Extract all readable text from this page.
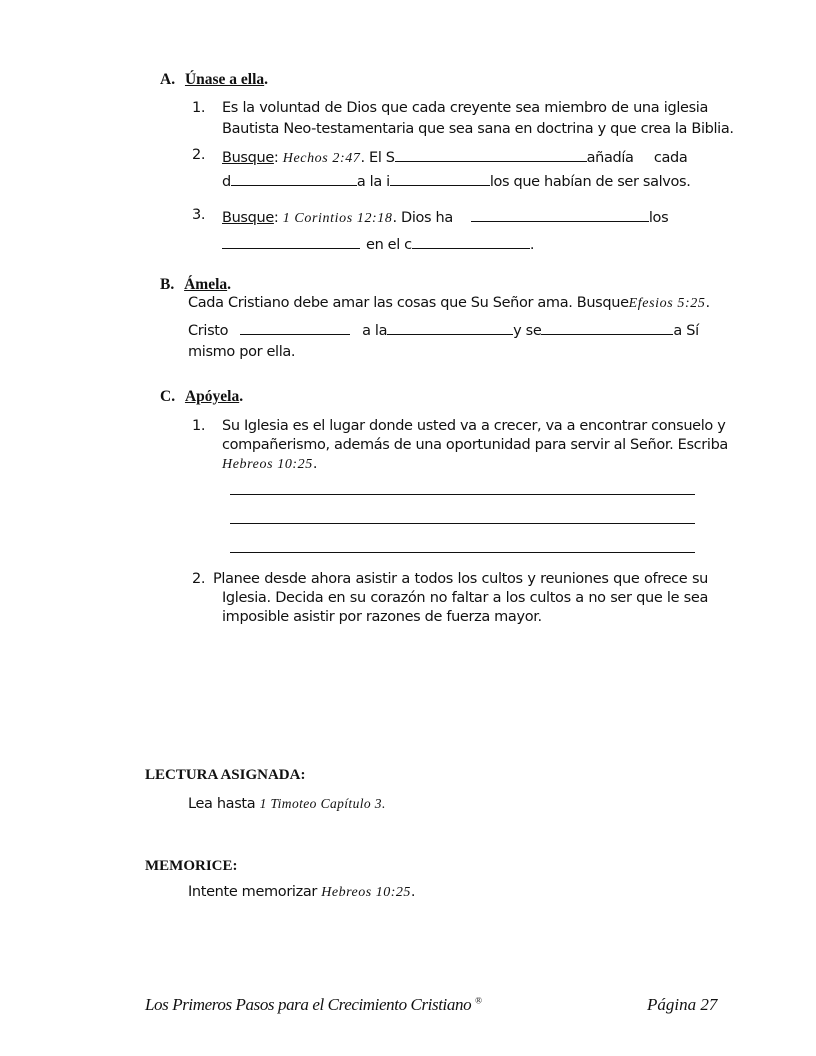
A. Únase a ella.
1. Es la voluntad de Dios que cada creyente sea miembro de una iglesia
Bautista Neo-testamentaria que sea sana en doctrina y que crea la Biblia.
2. Busque: Hechos 2:47. El S	añadía cada
d	a la i	los que habían de ser salvos.
3. Busque: 1 Corintios 12:18. Dios ha	los
en el c	.
B. Ámela.
Cada Cristiano debe amar las cosas que Su Señor ama. BusqueEfesios 5:25.
Cristo	a la	y se	a Sí
mismo por ella.
C. Apóyela.
1. Su Iglesia es el lugar donde usted va a crecer, va a encontrar consuelo y
compañerismo, además de una oportunidad para servir al Señor. Escriba
Hebreos 10:25.
2. Planee desde ahora asistir a todos los cultos y reuniones que ofrece su
Iglesia. Decida en su corazón no faltar a los cultos a no ser que le sea
imposible asistir por razones de fuerza mayor.
LECTURA ASIGNADA:
Lea hasta 1 Timoteo Capítulo 3.
MEMORICE:
Intente memorizar Hebreos 10:25.
Los Primeros Pasos para el Crecimiento Cristiano ®	Página 27
